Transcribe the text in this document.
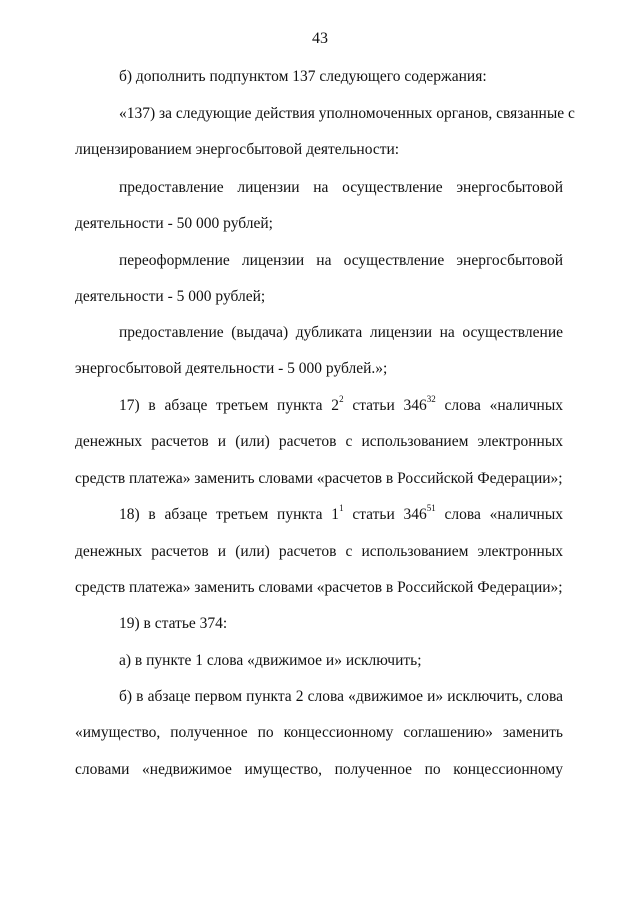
43
б) дополнить подпунктом 137 следующего содержания:
«137) за следующие действия уполномоченных органов, связанные с
лицензированием энергосбытовой деятельности:
предоставление лицензии на осуществление энергосбытовой
деятельности - 50 000 рублей;
переоформление лицензии на осуществление энергосбытовой
деятельности - 5 000 рублей;
предоставление (выдача) дубликата лицензии на осуществление
энергосбытовой деятельности - 5 000 рублей.»;
17) в абзаце третьем пункта $2^2$ статьи $346^{32}$ слова «наличных
денежных расчетов и (или) расчетов с использованием электронных
средств платежа» заменить словами «расчетов в Российской Федерации»;
18) в абзаце третьем пункта $1^1$ статьи $346^{51}$ слова «наличных
денежных расчетов и (или) расчетов с использованием электронных
средств платежа» заменить словами «расчетов в Российской Федерации»;
19) в статье 374:
а) в пункте 1 слова «движимое и» исключить;
б) в абзаце первом пункта 2 слова «движимое и» исключить, слова
«имущество, полученное по концессионному соглашению» заменить
словами «недвижимое имущество, полученное по концессионному
